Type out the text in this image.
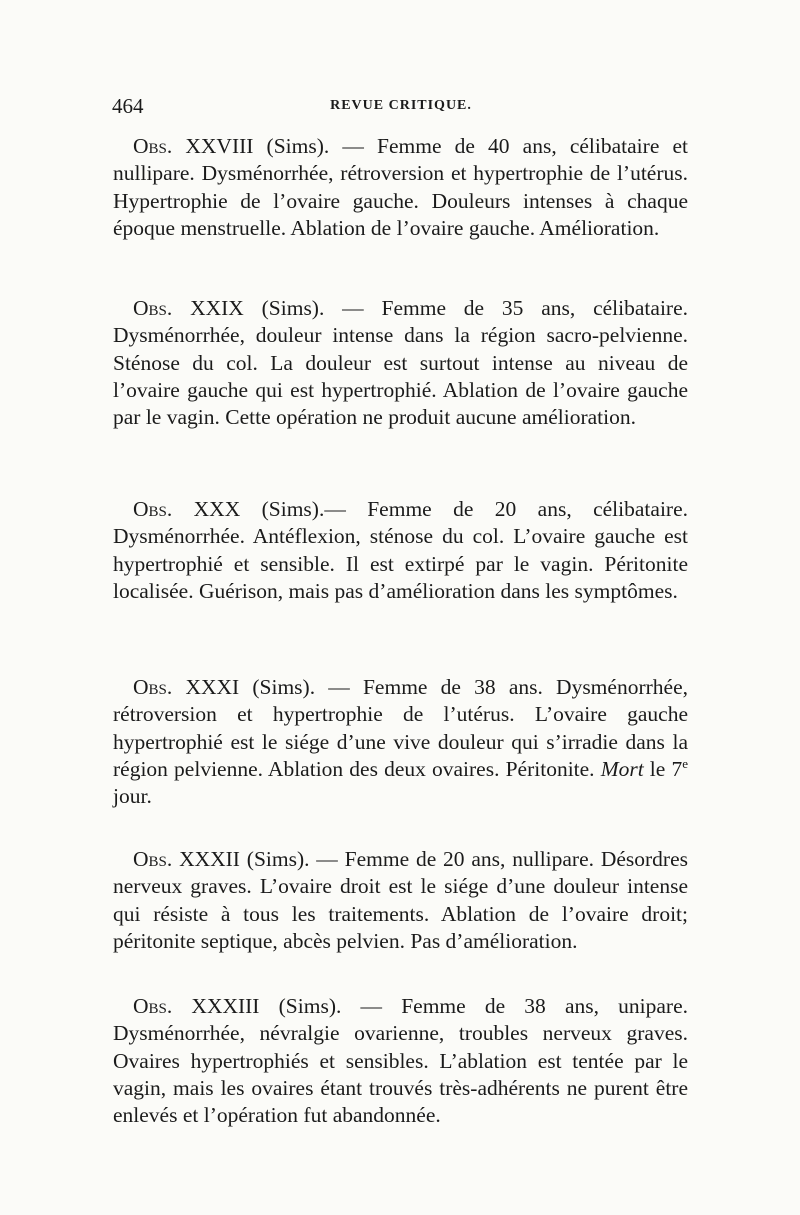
464	REVUE CRITIQUE.

Obs. XXVIII (Sims). — Femme de 40 ans, célibataire et nullipare. Dysménorrhée, rétroversion et hypertrophie de l’utérus. Hypertrophie de l’ovaire gauche. Douleurs intenses à chaque époque menstruelle. Ablation de l’ovaire gauche. Amélioration.

Obs. XXIX (Sims). — Femme de 35 ans, célibataire. Dysménorrhée, douleur intense dans la région sacro-pelvienne. Sténose du col. La douleur est surtout intense au niveau de l’ovaire gauche qui est hypertrophié. Ablation de l’ovaire gauche par le vagin. Cette opération ne produit aucune amélioration.

Obs. XXX (Sims).— Femme de 20 ans, célibataire. Dysménorrhée. Antéflexion, sténose du col. L’ovaire gauche est hypertrophié et sensible. Il est extirpé par le vagin. Péritonite localisée. Guérison, mais pas d’amélioration dans les symptômes.

Obs. XXXI (Sims). — Femme de 38 ans. Dysménorrhée, rétroversion et hypertrophie de l’utérus. L’ovaire gauche hypertrophié est le siége d’une vive douleur qui s’irradie dans la région pelvienne. Ablation des deux ovaires. Péritonite. Mort le 7e jour.

Obs. XXXII (Sims). — Femme de 20 ans, nullipare. Désordres nerveux graves. L’ovaire droit est le siége d’une douleur intense qui résiste à tous les traitements. Ablation de l’ovaire droit; péritonite septique, abcès pelvien. Pas d’amélioration.

Obs. XXXIII (Sims). — Femme de 38 ans, unipare. Dysménorrhée, névralgie ovarienne, troubles nerveux graves. Ovaires hypertrophiés et sensibles. L’ablation est tentée par le vagin, mais les ovaires étant trouvés très-adhérents ne purent être enlevés et l’opération fut abandonnée.
